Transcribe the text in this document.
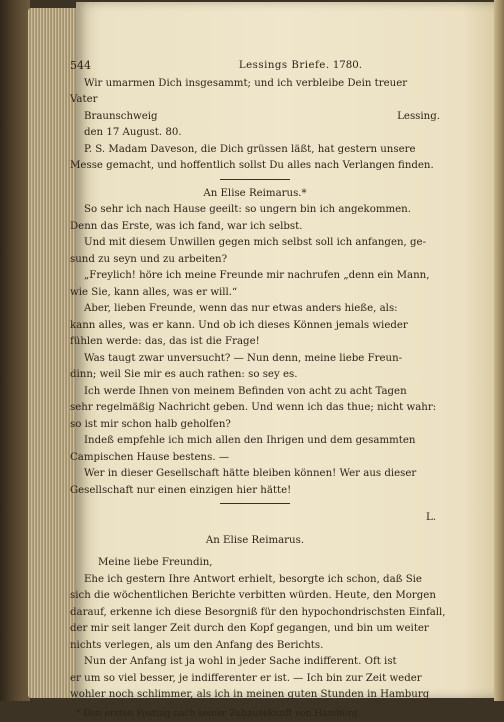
544	Lessings Briefe. 1780.
Wir umarmen Dich insgesammt; und ich verbleibe Dein treuer
Vater
Braunschweig	Lessing.
den 17 August. 80.
P. S. Madam Daveson, die Dich grüssen läßt, hat gestern unsere
Messe gemacht, und hoffentlich sollst Du alles nach Verlangen finden.
An Elise Reimarus.*
So sehr ich nach Hause geeilt: so ungern bin ich angekommen.
Denn das Erste, was ich fand, war ich selbst.
Und mit diesem Unwillen gegen mich selbst soll ich anfangen, ge-
sund zu seyn und zu arbeiten?
„Freylich! höre ich meine Freunde mir nachrufen „denn ein Mann,
wie Sie, kann alles, was er will.“
Aber, lieben Freunde, wenn das nur etwas anders hieße, als:
kann alles, was er kann. Und ob ich dieses Können jemals wieder
fühlen werde: das, das ist die Frage!
Was taugt zwar unversucht? — Nun denn, meine liebe Freun-
dinn; weil Sie mir es auch rathen: so sey es.
Ich werde Ihnen von meinem Befinden von acht zu acht Tagen
sehr regelmäßig Nachricht geben. Und wenn ich das thue; nicht wahr:
so ist mir schon halb geholfen?
Indeß empfehle ich mich allen den Ihrigen und dem gesammten
Campischen Hause bestens. —
Wer in dieser Gesellschaft hätte bleiben können! Wer aus dieser
Gesellschaft nur einen einzigen hier hätte!
L.
An Elise Reimarus.
Meine liebe Freundin,
Ehe ich gestern Ihre Antwort erhielt, besorgte ich schon, daß Sie
sich die wöchentlichen Berichte verbitten würden. Heute, den Morgen
darauf, erkenne ich diese Besorgniß für den hypochondrischsten Einfall,
der mir seit langer Zeit durch den Kopf gegangen, und bin um weiter
nichts verlegen, als um den Anfang des Berichts.
Nun der Anfang ist ja wohl in jeder Sache indifferent. Oft ist
er um so viel besser, je indifferenter er ist. — Ich bin zur Zeit weder
wohler noch schlimmer, als ich in meinen guten Stunden in Hamburg
* Den ersten Posttag nach seiner Zuhausekunft von Hamburg.
